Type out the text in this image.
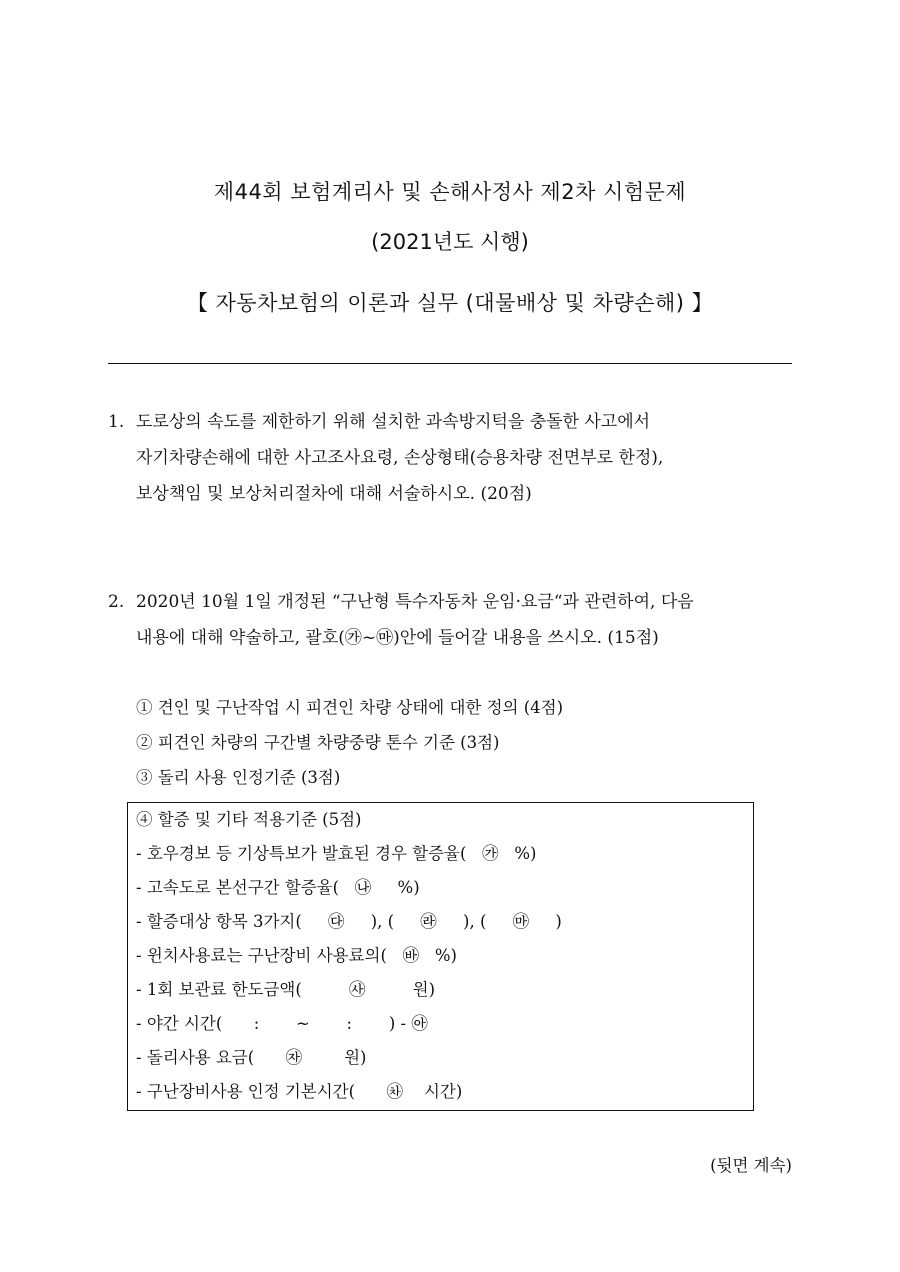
제44회 보험계리사 및 손해사정사 제2차 시험문제
(2021년도 시행)
【 자동차보험의 이론과 실무 (대물배상 및 차량손해) 】
1. 도로상의 속도를 제한하기 위해 설치한 과속방지턱을 충돌한 사고에서
자기차량손해에 대한 사고조사요령, 손상형태(승용차량 전면부로 한정),
보상책임 및 보상처리절차에 대해 서술하시오. (20점)
2. 2020년 10월 1일 개정된 “구난형 특수자동차 운임·요금“과 관련하여, 다음
내용에 대해 약술하고, 괄호(㉮~㉲)안에 들어갈 내용을 쓰시오. (15점)
① 견인 및 구난작업 시 피견인 차량 상태에 대한 정의 (4점)
② 피견인 차량의 구간별 차량중량 톤수 기준 (3점)
③ 돌리 사용 인정기준 (3점)
④ 할증 및 기타 적용기준 (5점)
- 호우경보 등 기상특보가 발효된 경우 할증율(   ㉮   %)
- 고속도로 본선구간 할증율(   ㉯     %)
- 할증대상 항목 3가지(     ㉰     ), (     ㉱     ), (     ㉲     )
- 윈치사용료는 구난장비 사용료의(   ㉳   %)
- 1회 보관료 한도금액(         ㉴         원)
- 야간 시간(      :       ~       :       ) - ㉵
- 돌리사용 요금(      ㉶        원)
- 구난장비사용 인정 기본시간(      ㉷    시간)
(뒷면 계속)
